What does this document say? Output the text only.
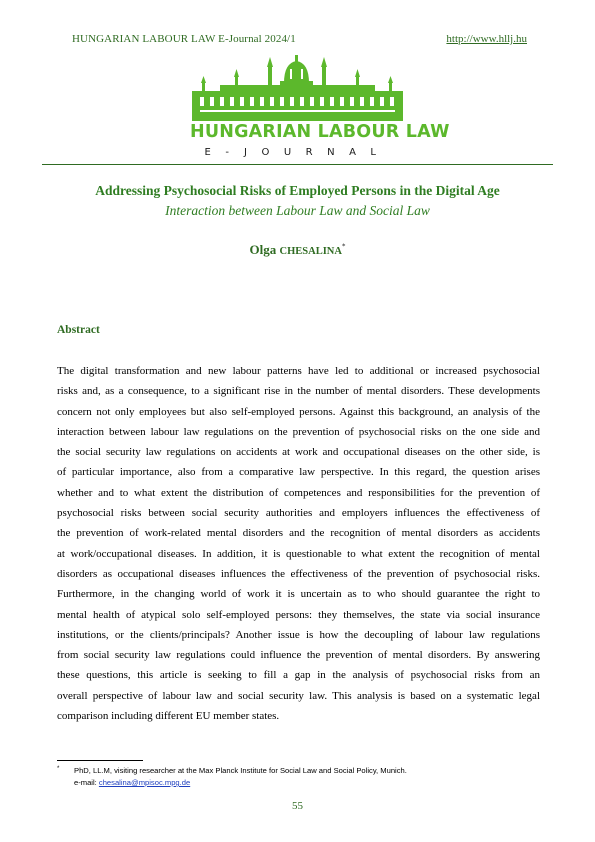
HUNGARIAN LABOUR LAW E-Journal 2024/1	http://www.hllj.hu
HUNGARIAN LABOUR LAW
E-JOURNAL
Addressing Psychosocial Risks of Employed Persons in the Digital Age
Interaction between Labour Law and Social Law
Olga CHESALINA*
Abstract
The digital transformation and new labour patterns have led to additional or increased psychosocial
risks and, as a consequence, to a significant rise in the number of mental disorders. These developments
concern not only employees but also self-employed persons. Against this background, an analysis of the
interaction between labour law regulations on the prevention of psychosocial risks on the one side and
the social security law regulations on accidents at work and occupational diseases on the other side, is
of particular importance, also from a comparative law perspective. In this regard, the question arises
whether and to what extent the distribution of competences and responsibilities for the prevention of
psychosocial risks between social security authorities and employers influences the effectiveness of
the prevention of work-related mental disorders and the recognition of mental disorders as accidents
at work/occupational diseases. In addition, it is questionable to what extent the recognition of mental
disorders as occupational diseases influences the effectiveness of the prevention of psychosocial risks.
Furthermore, in the changing world of work it is uncertain as to who should guarantee the right to
mental health of atypical solo self-employed persons: they themselves, the state via social insurance
institutions, or the clients/principals? Another issue is how the decoupling of labour law regulations
from social security law regulations could influence the prevention of mental disorders. By answering
these questions, this article is seeking to fill a gap in the analysis of psychosocial risks from an
overall perspective of labour law and social security law. This analysis is based on a systematic legal
comparison including different EU member states.
*	PhD, LL.M, visiting researcher at the Max Planck Institute for Social Law and Social Policy, Munich.
e-mail: chesalina@mpisoc.mpg.de
55
